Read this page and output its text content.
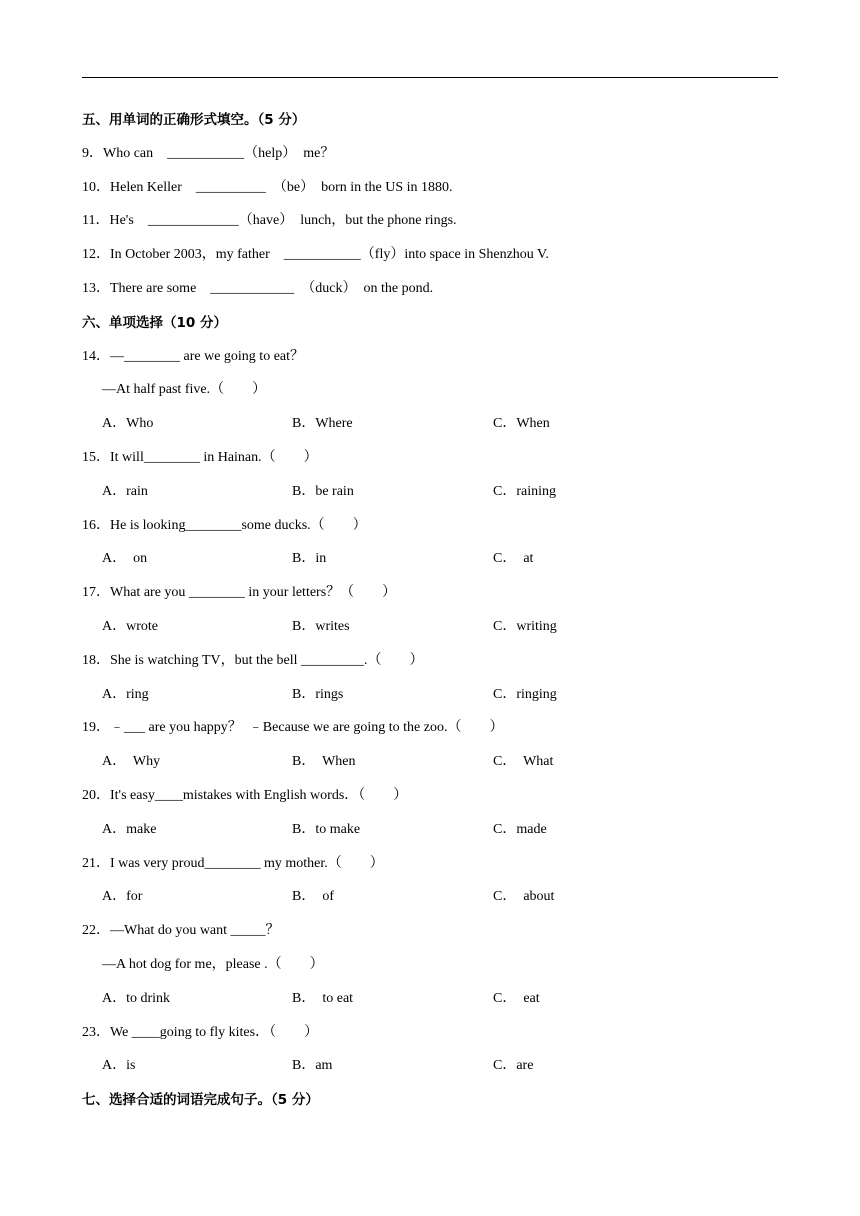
五、用单词的正确形式填空。（5 分）
9．Who can    ___________（help）  me？
10．Helen Keller    __________  （be）  born in the US in 1880.
11．He's    _____________（have）  lunch，but the phone rings.
12．In October 2003，my father    ___________（fly）into space in Shenzhou V.
13．There are some    ____________  （duck）  on the pond.
六、单项选择（10 分）
14．—________ are we going to eat？
—At half past five.（        ）

A．Who

	B．Where

	C．When

15．It will________ in Hainan.（        ）

A．rain

	B．be rain

	C．raining

16．He is looking________some ducks.（        ）

A．  on

	B．in

	C．  at

17．What are you ________ in your letters？（        ）

A．wrote

	B．writes

	C．writing

18．She is watching TV，but the bell _________.（        ）

A．ring

	B．rings

	C．ringing

19．﹣___ are you happy？  ﹣Because we are going to the zoo.（        ）

A．  Why

	B．  When

	C．  What

20．It's easy____mistakes with English words．（        ）

A．make

	B．to make

	C．made

21．I was very proud________ my mother.（        ）

A．for

	B．  of

	C．  about

22．—What do you want _____？
—A hot dog for me，please .（        ）

A．to drink

	B．  to eat

	C．  eat

23．We ____going to fly kites．（        ）

A．is

	B．am

	C．are

七、选择合适的词语完成句子。（5 分）
